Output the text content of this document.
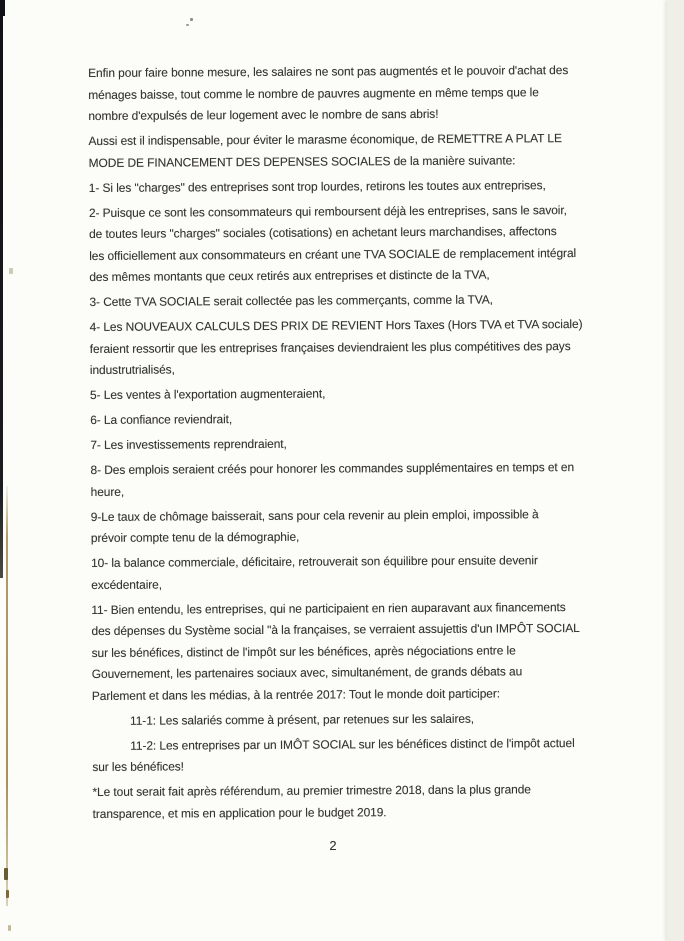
Enfin pour faire bonne mesure, les salaires ne sont pas augmentés et le pouvoir d'achat des
ménages baisse, tout comme le nombre de pauvres augmente en même temps que le
nombre d'expulsés de leur logement avec le nombre de sans abris!

Aussi est il indispensable, pour éviter le marasme économique, de REMETTRE A PLAT LE
MODE DE FINANCEMENT DES DEPENSES SOCIALES de la manière suivante:

1- Si les "charges" des entreprises sont trop lourdes, retirons les toutes aux entreprises,

2- Puisque ce sont les consommateurs qui remboursent déjà les entreprises, sans le savoir,
de toutes leurs "charges" sociales (cotisations) en achetant leurs marchandises, affectons
les officiellement aux consommateurs en créant une TVA SOCIALE de remplacement intégral
des mêmes montants que ceux retirés aux entreprises et distincte de la TVA,

3- Cette TVA SOCIALE serait collectée pas les commerçants, comme la TVA,

4- Les NOUVEAUX CALCULS DES PRIX DE REVIENT Hors Taxes (Hors TVA et TVA sociale)
feraient ressortir que les entreprises françaises deviendraient les plus compétitives des pays
industrutrialisés,

5- Les ventes à l'exportation augmenteraient,

6- La confiance reviendrait,

7- Les investissements reprendraient,

8- Des emplois seraient créés pour honorer les commandes supplémentaires en temps et en
heure,

9-Le taux de chômage baisserait, sans pour cela revenir au plein emploi, impossible à
prévoir compte tenu de la démographie,

10- la balance commerciale, déficitaire, retrouverait son équilibre pour ensuite devenir
excédentaire,

11- Bien entendu, les entreprises, qui ne participaient en rien auparavant aux financements
des dépenses du Système social "à la françaises, se verraient assujettis d'un IMPÔT SOCIAL
sur les bénéfices, distinct de l'impôt sur les bénéfices, après négociations entre le
Gouvernement, les partenaires sociaux avec, simultanément, de grands débats au
Parlement et dans les médias, à la rentrée 2017: Tout le monde doit participer:

11-1: Les salariés comme à présent, par retenues sur les salaires,

11-2: Les entreprises par un IMÔT SOCIAL sur les bénéfices distinct de l'impôt actuel
sur les bénéfices!

*Le tout serait fait après référendum, au premier trimestre 2018, dans la plus grande
transparence, et mis en application pour le budget 2019.

2
